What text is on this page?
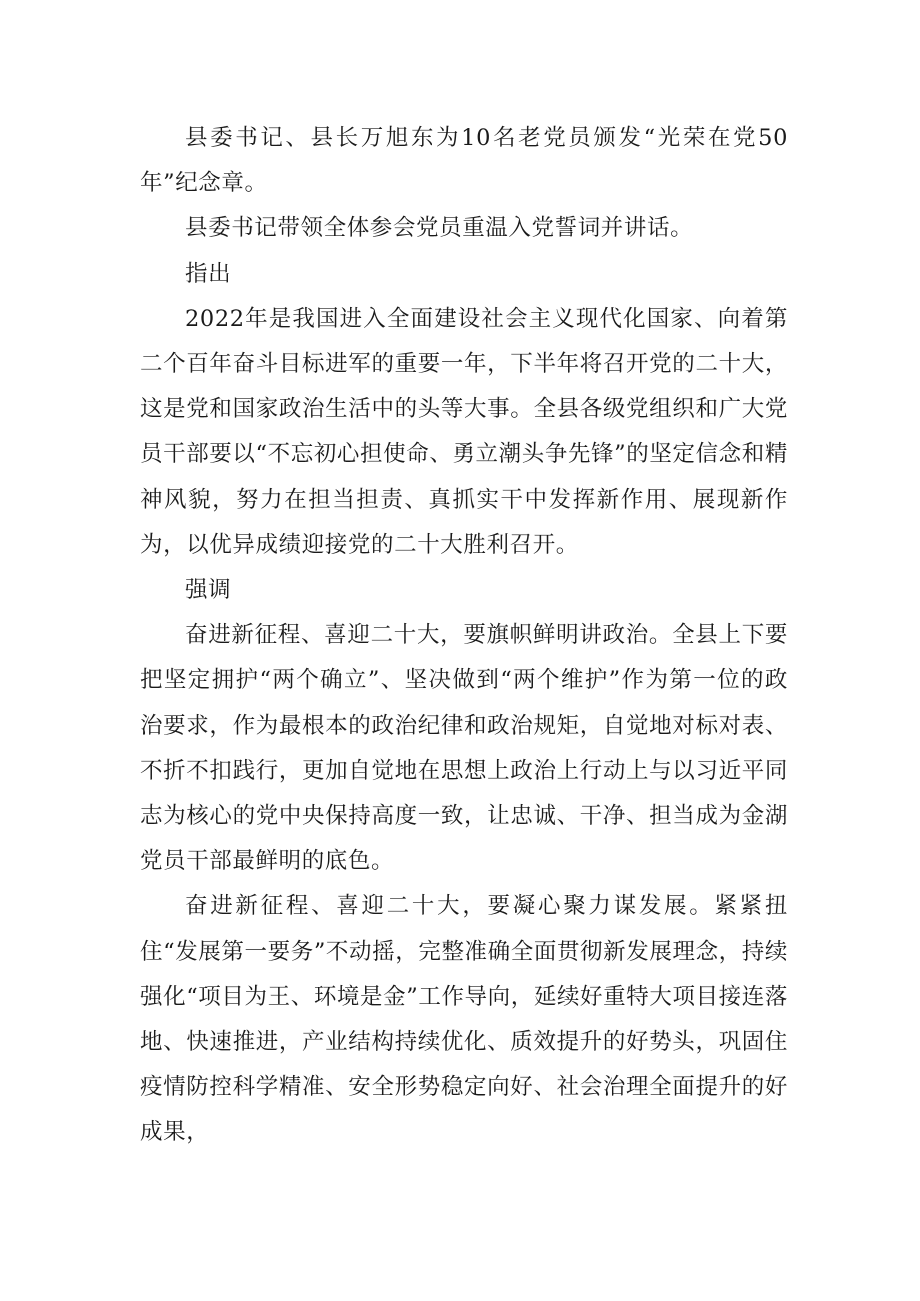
县委书记、县长万旭东为10名老党员颁发“光荣在党50年”纪念章。

县委书记带领全体参会党员重温入党誓词并讲话。

指出

2022年是我国进入全面建设社会主义现代化国家、向着第二个百年奋斗目标进军的重要一年，下半年将召开党的二十大，这是党和国家政治生活中的头等大事。全县各级党组织和广大党员干部要以“不忘初心担使命、勇立潮头争先锋”的坚定信念和精神风貌，努力在担当担责、真抓实干中发挥新作用、展现新作为，以优异成绩迎接党的二十大胜利召开。

强调

奋进新征程、喜迎二十大，要旗帜鲜明讲政治。全县上下要把坚定拥护“两个确立”、坚决做到“两个维护”作为第一位的政治要求，作为最根本的政治纪律和政治规矩，自觉地对标对表、不折不扣践行，更加自觉地在思想上政治上行动上与以习近平同志为核心的党中央保持高度一致，让忠诚、干净、担当成为金湖党员干部最鲜明的底色。

奋进新征程、喜迎二十大，要凝心聚力谋发展。紧紧扭住“发展第一要务”不动摇，完整准确全面贯彻新发展理念，持续强化“项目为王、环境是金”工作导向，延续好重特大项目接连落地、快速推进，产业结构持续优化、质效提升的好势头，巩固住疫情防控科学精准、安全形势稳定向好、社会治理全面提升的好成果，
